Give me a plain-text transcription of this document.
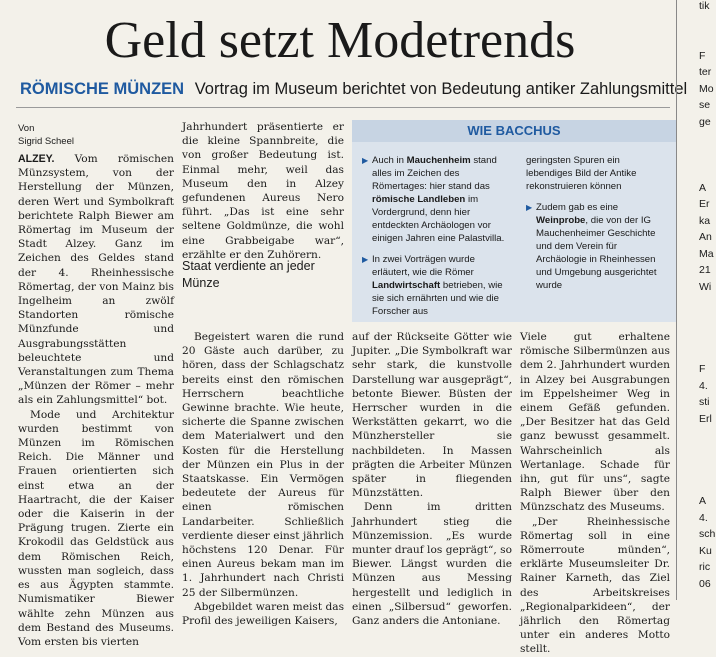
Geld setzt Modetrends
RÖMISCHE MÜNZEN Vortrag im Museum berichtet von Bedeutung antiker Zahlungsmittel
Von
Sigrid Scheel

ALZEY. Vom römischen Münzsystem, von der Herstellung der Münzen, deren Wert und Symbolkraft berichtete Ralph Biewer am Römertag im Museum der Stadt Alzey. Ganz im Zeichen des Geldes stand der 4. Rheinhessische Römertag, der von Mainz bis Ingelheim an zwölf Standorten römische Münzfunde und Ausgrabungsstätten beleuchtete und Veranstaltungen zum Thema „Münzen der Römer – mehr als ein Zahlungsmittel“ bot.

Mode und Architektur wurden bestimmt von Münzen im Römischen Reich. Die Männer und Frauen orientierten sich einst etwa an der Haartracht, die der Kaiser oder die Kaiserin in der Prägung trugen. Zierte ein Krokodil das Geldstück aus dem Römischen Reich, wussten man sogleich, dass es aus Ägypten stammte. Numismatiker Biewer wählte zehn Münzen aus dem Bestand des Museums. Vom ersten bis vierten

Jahrhundert präsentierte er die kleine Spannbreite, die von großer Bedeutung ist. Einmal mehr, weil das Museum den in Alzey gefundenen Aureus Nero führt. „Das ist eine sehr seltene Goldmünze, die wohl eine Grabbeigabe war“, erzählte er den Zuhörern.

Staat verdiente an jeder Münze

Begeistert waren die rund 20 Gäste auch darüber, zu hören, dass der Schlagschatz bereits einst den römischen Herrschern beachtliche Gewinne brachte. Wie heute, sicherte die Spanne zwischen dem Materialwert und den Kosten für die Herstellung der Münzen ein Plus in der Staatskasse. Ein Vermögen bedeutete der Aureus für einen römischen Landarbeiter. Schließlich verdiente dieser einst jährlich höchstens 120 Denar. Für einen Aureus bekam man im 1. Jahrhundert nach Christi 25 der Silbermünzen.

Abgebildet waren meist das Profil des jeweiligen Kaisers,

auf der Rückseite Götter wie Jupiter. „Die Symbolkraft war sehr stark, die kunstvolle Darstellung war ausgeprägt“, betonte Biewer. Büsten der Herrscher wurden in die Werkstätten gekarrt, wo die Münzhersteller sie nachbildeten. In Massen prägten die Arbeiter Münzen später in fliegenden Münzstätten.

Denn im dritten Jahrhundert stieg die Münzemission. „Es wurde munter drauf los geprägt“, so Biewer. Längst wurden die Münzen aus Messing hergestellt und lediglich in einen „Silbersud“ geworfen. Ganz anders die Antoniane.

Viele gut erhaltene römische Silbermünzen aus dem 2. Jahrhundert wurden in Alzey bei Ausgrabungen im Eppelsheimer Weg in einem Gefäß gefunden. „Der Besitzer hat das Geld ganz bewusst gesammelt. Wahrscheinlich als Wertanlage. Schade für ihn, gut für uns“, sagte Ralph Biewer über den Münzschatz des Museums.

„Der Rheinhessische Römertag soll in eine Römerroute münden“, erklärte Museumsleiter Dr. Rainer Karneth, das Ziel des Arbeitskreises „Regionalparkideen“, der jährlich den Römertag unter ein anderes Motto stellt.

WIE BACCHUS
▶ Auch in Mauchenheim stand alles im Zeichen des Römertages: hier stand das römische Landleben im Vordergrund, denn hier entdeckten Archäologen vor einigen Jahren eine Palastvilla.
▶ In zwei Vorträgen wurde erläutert, wie die Römer Landwirtschaft betrieben, wie sie sich ernährten und wie die Forscher aus
geringsten Spuren ein lebendiges Bild der Antike rekonstruieren können
▶ Zudem gab es eine Weinprobe, die von der IG Mauchenheimer Geschichte und dem Verein für Archäologie in Rheinhessen und Umgebung ausgerichtet wurde
tik
F
ter
Mo
se
ge
A
Er
ka
An
Ma
21
Wi
F
4.
sti
Erl
A
4.
sch
Ku
ric
06
